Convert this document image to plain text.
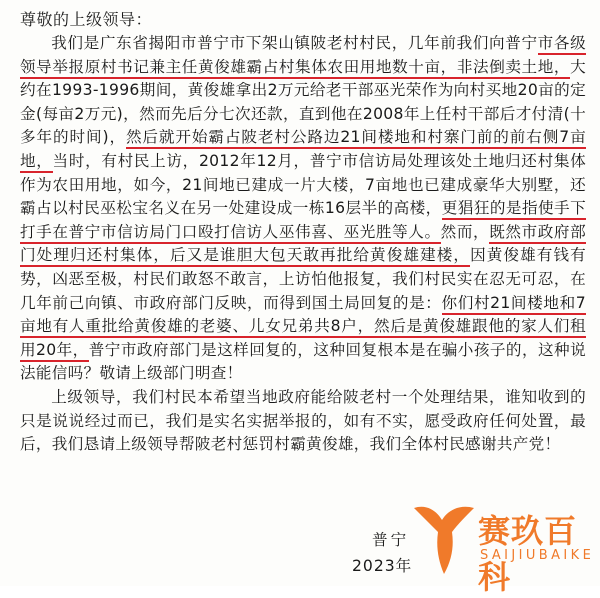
尊敬的上级领导：

我们是广东省揭阳市普宁市下架山镇陂老村村民，几年前我们向普宁市各级领导举报原村书记兼主任黄俊雄霸占村集体农田用地数十亩，非法倒卖土地，大约在1993-1996期间，黄俊雄拿出2万元给老干部巫光荣作为向村买地20亩的定金(每亩2万元)，然而先后分七次还款，直到他在2008年上任村干部后才付清(十多年的时间)，然后就开始霸占陂老村公路边21间楼地和村寨门前的前右侧7亩地，当时，有村民上访，2012年12月，普宁市信访局处理该处土地归还村集体作为农田用地，如今，21间地已建成一片大楼，7亩地也已建成豪华大别墅，还霸占以村民巫松宝名义在另一处建设成一栋16层半的高楼，更猖狂的是指使手下打手在普宁市信访局门口殴打信访人巫伟喜、巫光胜等人。然而，既然市政府部门处理归还村集体，后又是谁胆大包天敢再批给黄俊雄建楼，因黄俊雄有钱有势，凶恶至极，村民们敢怒不敢言，上访怕他报复，我们村民实在忍无可忍，在几年前己向镇、市政府部门反映，而得到国土局回复的是：你们村21间楼地和7亩地有人重批给黄俊雄的老婆、儿女兄弟共8户，然后是黄俊雄跟他的家人们租用20年，普宁市政府部门是这样回复的，这种回复根本是在骗小孩子的，这种说法能信吗？敬请上级部门明查！

上级领导，我们村民本希望当地政府能给陂老村一个处理结果，谁知收到的只是说说经过而已，我们是实名实据举报的，如有不实，愿受政府任何处置，最后，我们恳请上级领导帮陂老村惩罚村霸黄俊雄，我们全体村民感谢共产党！

普宁
2023年
赛玖百科
SAIJIUBAIKE
